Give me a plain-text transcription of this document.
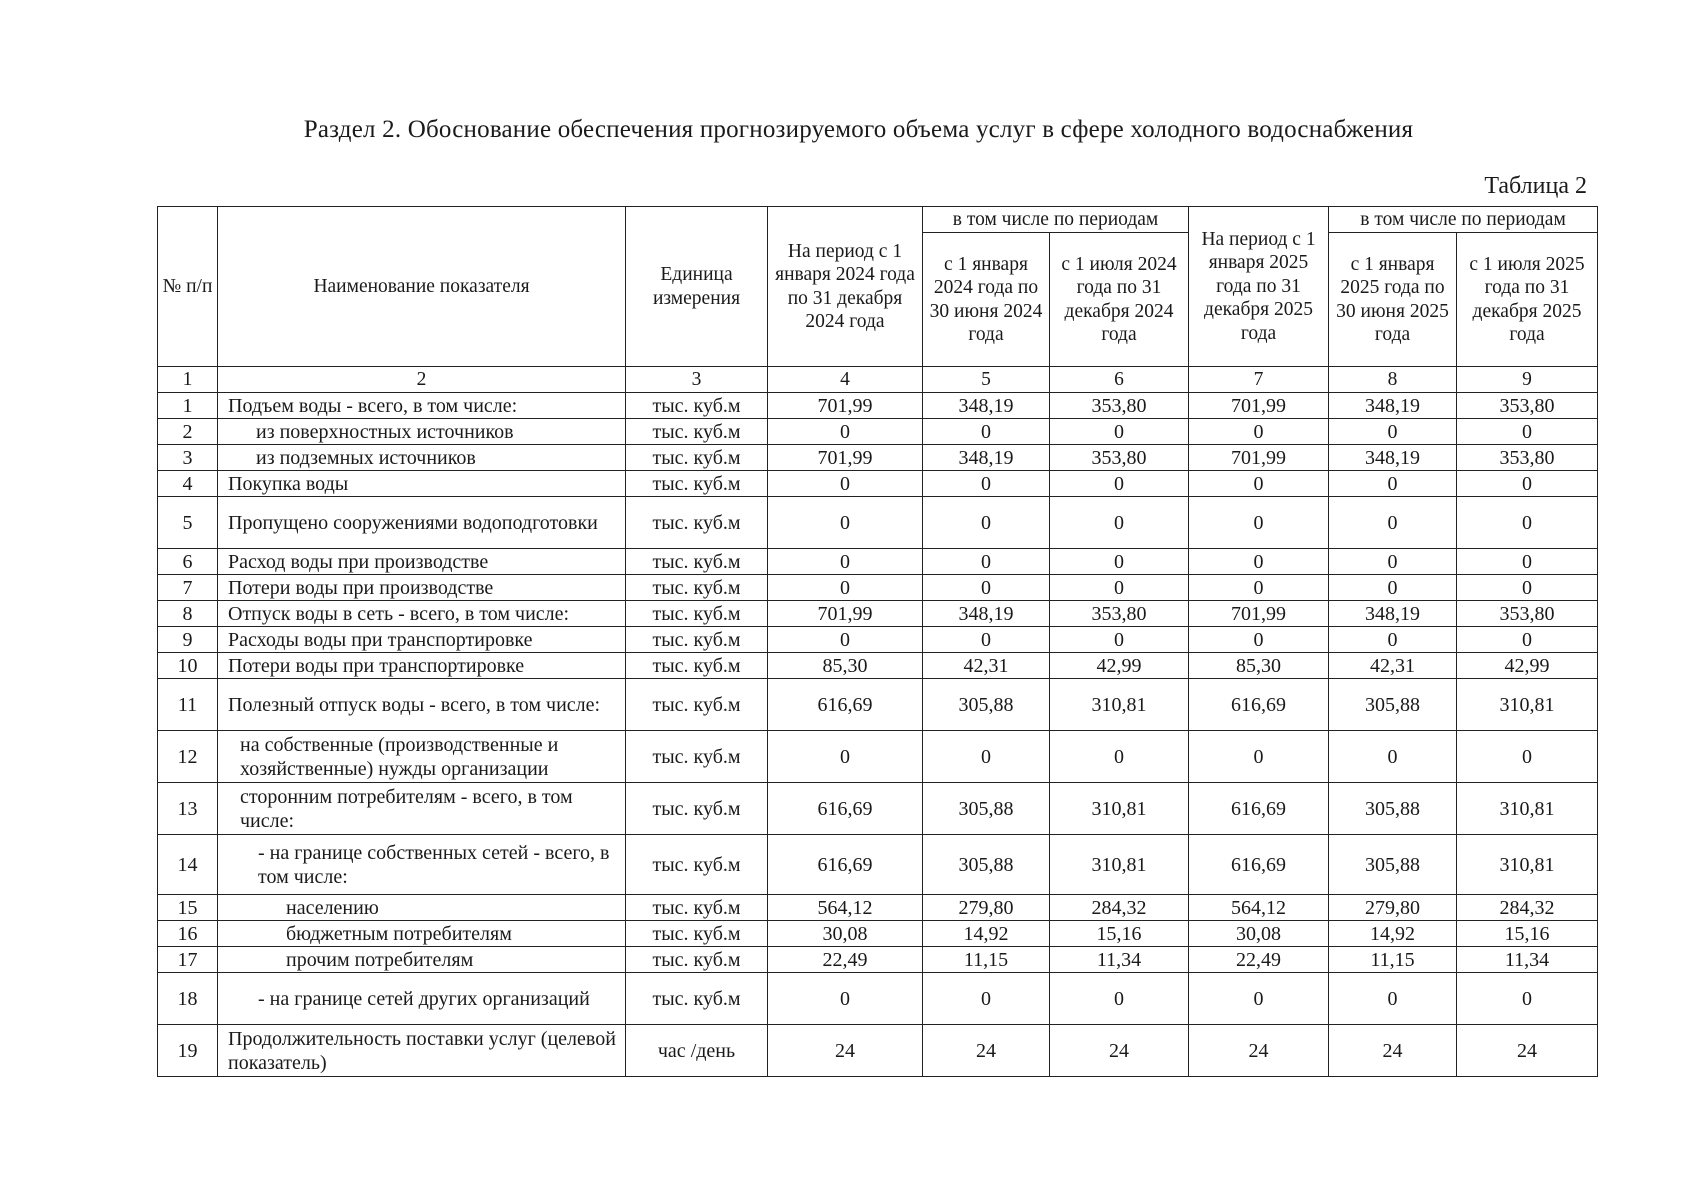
Раздел 2. Обоснование обеспечения прогнозируемого объема услуг в сфере холодного водоснабжения
Таблица 2
№ п/п	Наименование показателя	Единица измерения	На период с 1 января 2024 года по 31 декабря 2024 года	в том числе по периодам		На период с 1 января 2025 года по 31 декабря 2025 года	в том числе по периодам	
				с 1 января 2024 года по 30 июня 2024 года	с 1 июля 2024 года по 31 декабря 2024 года		с 1 января 2025 года по 30 июня 2025 года	с 1 июля 2025 года по 31 декабря 2025 года
1	2	3	4	5	6	7	8	9
1	Подъем воды - всего, в том числе:	тыс. куб.м	701,99	348,19	353,80	701,99	348,19	353,80
2	из поверхностных источников	тыс. куб.м	0	0	0	0	0	0
3	из подземных источников	тыс. куб.м	701,99	348,19	353,80	701,99	348,19	353,80
4	Покупка воды	тыс. куб.м	0	0	0	0	0	0
5	Пропущено сооружениями водоподготовки	тыс. куб.м	0	0	0	0	0	0
6	Расход воды при производстве	тыс. куб.м	0	0	0	0	0	0
7	Потери воды при производстве	тыс. куб.м	0	0	0	0	0	0
8	Отпуск воды в сеть - всего, в том числе:	тыс. куб.м	701,99	348,19	353,80	701,99	348,19	353,80
9	Расходы воды при транспортировке	тыс. куб.м	0	0	0	0	0	0
10	Потери воды при транспортировке	тыс. куб.м	85,30	42,31	42,99	85,30	42,31	42,99
11	Полезный отпуск воды - всего, в том числе:	тыс. куб.м	616,69	305,88	310,81	616,69	305,88	310,81
12	на собственные (производственные и хозяйственные) нужды организации	тыс. куб.м	0	0	0	0	0	0
13	сторонним потребителям - всего, в том числе:	тыс. куб.м	616,69	305,88	310,81	616,69	305,88	310,81
14	- на границе собственных сетей - всего, в том числе:	тыс. куб.м	616,69	305,88	310,81	616,69	305,88	310,81
15	населению	тыс. куб.м	564,12	279,80	284,32	564,12	279,80	284,32
16	бюджетным потребителям	тыс. куб.м	30,08	14,92	15,16	30,08	14,92	15,16
17	прочим потребителям	тыс. куб.м	22,49	11,15	11,34	22,49	11,15	11,34
18	- на границе сетей других организаций	тыс. куб.м	0	0	0	0	0	0
19	Продолжительность поставки услуг (целевой показатель)	час /день	24	24	24	24	24	24
